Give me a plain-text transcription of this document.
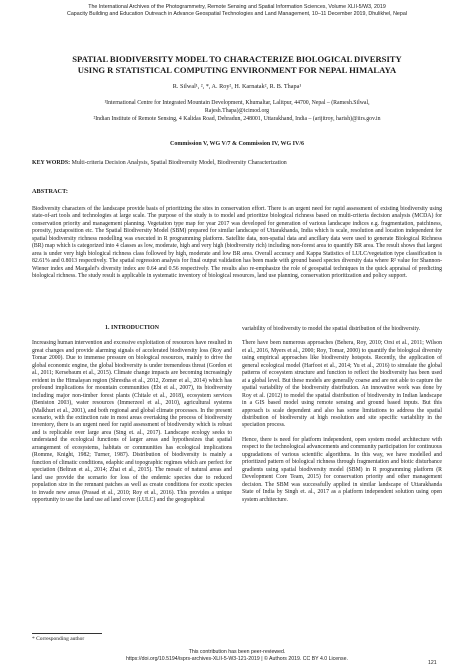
The International Archives of the Photogrammetry, Remote Sensing and Spatial Information Sciences, Volume XLII-5/W3, 2019
Capacity Building and Education Outreach in Advance Geospatial Technologies and Land Management, 10–11 December 2019, Dhulikhel, Nepal
SPATIAL BIODIVERSITY MODEL TO CHARACTERIZE BIOLOGICAL DIVERSITY
USING R STATISTICAL COMPUTING ENVIRONMENT FOR NEPAL HIMALAYA
R. Silwal¹, ², *, A. Roy², H. Karnatak², R. B. Thapa¹
¹International Centre for Integrated Mountain Development, Khumaltar, Lalitpur, 44700, Nepal – (Ramesh.Silwal,
Rajesh.Thapa)@icimod.org
²Indian Institute of Remote Sensing, 4 Kalidas Road, Dehradun, 248001, Uttarakhand, India – (arijitroy, harish)@iirs.gov.in
Commission V, WG V/7 & Commission IV, WG IV/6
KEY WORDS: Multi-criteria Decision Analysis, Spatial Biodiversity Model, Biodiversity Characterization
ABSTRACT:
Biodiversity characters of the landscape provide basis of prioritizing the sites in conservation effort. There is an urgent need for rapid assessment of existing biodiversity using state-of-art tools and technologies at large scale. The purpose of the study is to model and prioritize biological richness based on multi-criteria decision analysis (MCDA) for conservation priority and management planning. Vegetation type map for year 2017 was developed for generation of various landscape indices e.g. fragmentation, patchiness, porosity, juxtaposition etc. The Spatial Biodiversity Model (SBM) prepared for similar landscape of Uttarakhanda, India which is scale, resolution and location independent for spatial biodiversity richness modelling was executed in R programming platform. Satellite data, non-spatial data and ancillary data were used to generate Biological Richness (BR) map which is categorized into 4 classes as low, moderate, high and very high (biodiversity rich) including non-forest area to quantify BR area. The result shows that largest area is under very high biological richness class followed by high, moderate and low BR area. Overall accuracy and Kappa Statistics of LULC/vegetation type classification is 82.61% and 0.8013 respectively. The spatial regression analysis for final output validation has been made with ground based species diversity data where R² value for Shannon-Wiener index and Margalef's diversity index are 0.64 and 0.56 respectively. The results also re-emphasize the role of geospatial techniques in the quick appraisal of predicting biological richness. The study result is applicable in systematic inventory of biological resources, land use planning, conservation prioritization and policy support.
1. INTRODUCTION

Increasing human intervention and excessive exploitation of resources have resulted in great changes and provide alarming signals of accelerated biodiversity loss (Roy and Tomar 2000). Due to immense pressure on biological resources, mainly to drive the global economic engine, the global biodiversity is under tremendous threat (Gordon et al., 2011; Kersebaum et al., 2015). Climate change impacts are becoming increasingly evident in the Himalayan region (Shrestha et al., 2012, Zomer et al., 2014) which has profound implications for mountain communities (Ebi et al., 2007), its biodiversity including major non-timber forest plants (Chitale et al., 2018), ecosystem services (Beniston 2003), water resources (Immerzeel et al., 2010), agricultural systems (Malkhuri et al., 2001), and both regional and global climate processes. In the present scenario, with the extinction rate in most areas overtaking the process of biodiversity inventory, there is an urgent need for rapid assessment of biodiversity which is robust and is replicable over large area (Sing et. al., 2017). Landscape ecology seeks to understand the ecological functions of larger areas and hypothesizes that spatial arrangement of ecosystems, habitats or communities has ecological implications (Romme, Knight, 1982; Turner, 1987). Distribution of biodiversity is mainly a function of climatic conditions, edaphic and topographic regimes which are perfect for speciation (Beltran et al., 2014; Zhai et al., 2015). The mosaic of natural areas and land use provide the scenario for loss of the endemic species due to reduced population size in the remnant patches as well as create conditions for exotic species to invade new areas (Prasad et al., 2010; Roy et al., 2016). This provides a unique opportunity to use the land use ad land cover (LULC) and the geographical

variability of biodiversity to model the spatial distribution of the biodiversity.

There have been numerous approaches (Behera, Roy, 2010; Orsi et al., 2011; Wilson et al., 2016, Myers et al., 2000; Roy, Tomar, 2000) to quantify the biological diversity using empirical approaches like biodiversity hotspots. Recently, the application of general ecological model (Harfoot et al., 2014; Yu et al., 2016) to simulate the global patterns of ecosystem structure and function to reflect the biodiversity has been used at a global level. But these models are generally coarse and are not able to capture the spatial variability of the biodiversity distribution. An innovative work was done by Roy et al. (2012) to model the spatial distribution of biodiversity in Indian landscape in a GIS based model using remote sensing and ground based inputs. But this approach is scale dependent and also has some limitations to address the spatial distribution of biodiversity at high resolution and site specific variability in the speciation process.

Hence, there is need for platform independent, open system model architecture with respect to the technological advancements and community participation for continuous upgradations of various scientific algorithms. In this way, we have modelled and prioritized pattern of biological richness through fragmentation and biotic disturbance gradients using spatial biodiversity model (SBM) in R programming platform (R Development Core Team, 2015) for conservation priority and other management decision. The SBM was successfully applied in similar landscape of Uttarakhanda State of India by Singh et. al., 2017 as a platform independent solution using open system architecture.

* Corresponding author
This contribution has been peer-reviewed.
https://doi.org/10.5194/isprs-archives-XLII-5-W3-121-2019 | © Authors 2019. CC BY 4.0 License.
121
